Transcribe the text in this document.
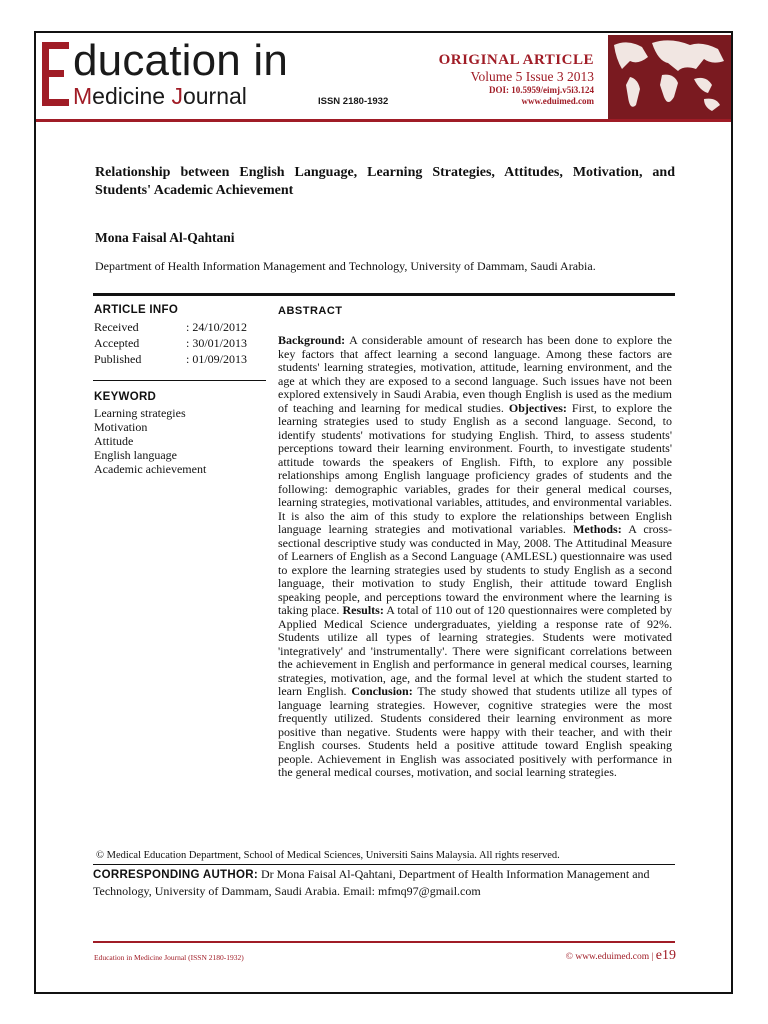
ducation in
Medicine Journal	ISSN 2180-1932
ORIGINAL ARTICLE
Volume 5 Issue 3 2013
DOI: 10.5959/eimj.v5i3.124
www.eduimed.com
Relationship between English Language, Learning Strategies, Attitudes, Motivation, and Students' Academic Achievement

Mona Faisal Al-Qahtani

Department of Health Information Management and Technology, University of Dammam, Saudi Arabia.

ARTICLE INFO
Received	: 24/10/2012
Accepted	: 30/01/2013
Published	: 01/09/2013
KEYWORD
Learning strategies
Motivation
Attitude
English language
Academic achievement
ABSTRACT

Background: A considerable amount of research has been done to explore the key factors that affect learning a second language. Among these factors are students' learning strategies, motivation, attitude, learning environment, and the age at which they are exposed to a second language. Such issues have not been explored extensively in Saudi Arabia, even though English is used as the medium of teaching and learning for medical studies. Objectives: First, to explore the learning strategies used to study English as a second language. Second, to identify students' motivations for studying English. Third, to assess students' perceptions toward their learning environment. Fourth, to investigate students' attitude towards the speakers of English. Fifth, to explore any possible relationships among English language proficiency grades of students and the following: demographic variables, grades for their general medical courses, learning strategies, motivational variables, attitudes, and environmental variables. It is also the aim of this study to explore the relationships between English language learning strategies and motivational variables. Methods: A cross-sectional descriptive study was conducted in May, 2008. The Attitudinal Measure of Learners of English as a Second Language (AMLESL) questionnaire was used to explore the learning strategies used by students to study English as a second language, their motivation to study English, their attitude toward English speaking people, and perceptions toward the environment where the learning is taking place. Results: A total of 110 out of 120 questionnaires were completed by Applied Medical Science undergraduates, yielding a response rate of 92%. Students utilize all types of learning strategies. Students were motivated 'integratively' and 'instrumentally'. There were significant correlations between the achievement in English and performance in general medical courses, learning strategies, motivation, age, and the formal level at which the student started to learn English. Conclusion: The study showed that students utilize all types of language learning strategies. However, cognitive strategies were the most frequently utilized. Students considered their learning environment as more positive than negative. Students were happy with their teacher, and with their English courses. Students held a positive attitude toward English speaking people. Achievement in English was associated positively with performance in the general medical courses, motivation, and social learning strategies.

© Medical Education Department, School of Medical Sciences, Universiti Sains Malaysia. All rights reserved.

CORRESPONDING AUTHOR: Dr Mona Faisal Al-Qahtani, Department of Health Information Management and Technology, University of Dammam, Saudi Arabia. Email: mfmq97@gmail.com

Education in Medicine Journal (ISSN 2180-1932)	© www.eduimed.com | e19
